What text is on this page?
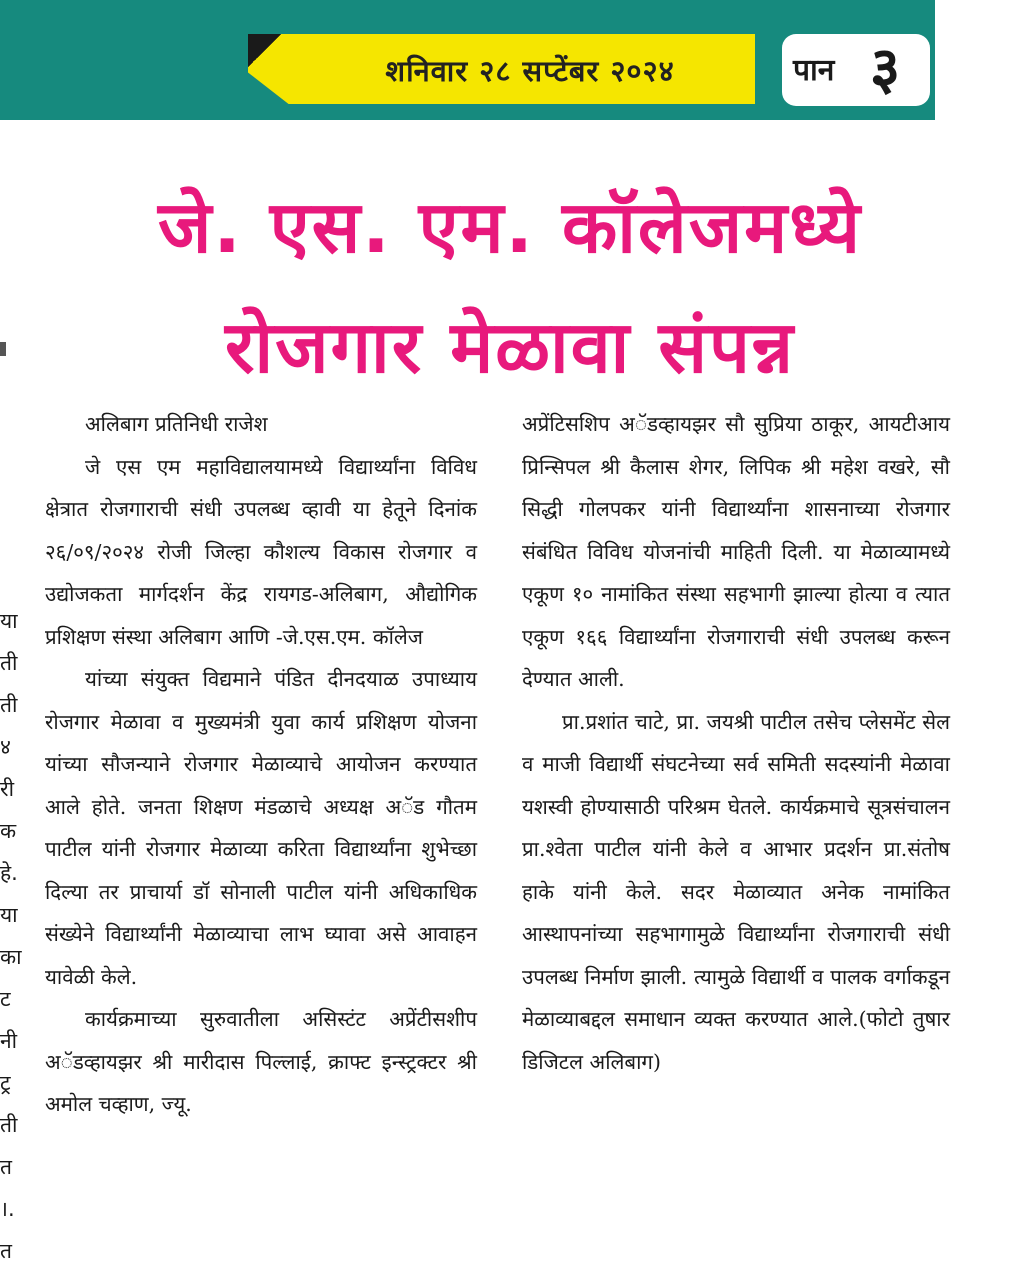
शनिवार २८ सप्टेंबर २०२४	पान ३
जे. एस. एम. कॉलेजमध्ये
रोजगार मेळावा संपन्न
या
ती
ती
४
री
क
हे.
या
का
ट
नी
ट्र
ती
त
।.
त

अलिबाग प्रतिनिधी राजेश

जे एस एम महाविद्यालयामध्ये विद्यार्थ्यांना विविध क्षेत्रात रोजगाराची संधी उपलब्ध व्हावी या हेतूने दिनांक २६/०९/२०२४ रोजी जिल्हा कौशल्य विकास रोजगार व उद्योजकता मार्गदर्शन केंद्र रायगड-अलिबाग, औद्योगिक प्रशिक्षण संस्था अलिबाग आणि -जे.एस.एम. कॉलेज

यांच्या संयुक्त विद्यमाने पंडित दीनदयाळ उपाध्याय रोजगार मेळावा व मुख्यमंत्री युवा कार्य प्रशिक्षण योजना यांच्या सौजन्याने रोजगार मेळाव्याचे आयोजन करण्यात आले होते. जनता शिक्षण मंडळाचे अध्यक्ष अॅड गौतम पाटील यांनी रोजगार मेळाव्या करिता विद्यार्थ्यांना शुभेच्छा दिल्या तर प्राचार्या डॉ सोनाली पाटील यांनी अधिकाधिक संख्येने विद्यार्थ्यांनी मेळाव्याचा लाभ घ्यावा असे आवाहन यावेळी केले.

कार्यक्रमाच्या सुरुवातीला असिस्टंट अप्रेंटीसशीप अॅडव्हायझर श्री मारीदास पिल्लाई, क्राफ्ट इन्स्ट्रक्टर श्री अमोल चव्हाण, ज्यू.

अप्रेंटिसशिप अॅडव्हायझर सौ सुप्रिया ठाकूर, आयटीआय प्रिन्सिपल श्री कैलास शेगर, लिपिक श्री महेश वखरे, सौ सिद्धी गोलपकर यांनी विद्यार्थ्यांना शासनाच्या रोजगार संबंधित विविध योजनांची माहिती दिली. या मेळाव्यामध्ये एकूण १० नामांकित संस्था सहभागी झाल्या होत्या व त्यात एकूण १६६ विद्यार्थ्यांना रोजगाराची संधी उपलब्ध करून देण्यात आली.

प्रा.प्रशांत चाटे, प्रा. जयश्री पाटील तसेच प्लेसमेंट सेल व माजी विद्यार्थी संघटनेच्या सर्व समिती सदस्यांनी मेळावा यशस्वी होण्यासाठी परिश्रम घेतले. कार्यक्रमाचे सूत्रसंचालन प्रा.श्वेता पाटील यांनी केले व आभार प्रदर्शन प्रा.संतोष हाके यांनी केले. सदर मेळाव्यात अनेक नामांकित आस्थापनांच्या सहभागामुळे विद्यार्थ्यांना रोजगाराची संधी उपलब्ध निर्माण झाली. त्यामुळे विद्यार्थी व पालक वर्गाकडून मेळाव्याबद्दल समाधान व्यक्त करण्यात आले.(फोटो तुषार डिजिटल अलिबाग)
